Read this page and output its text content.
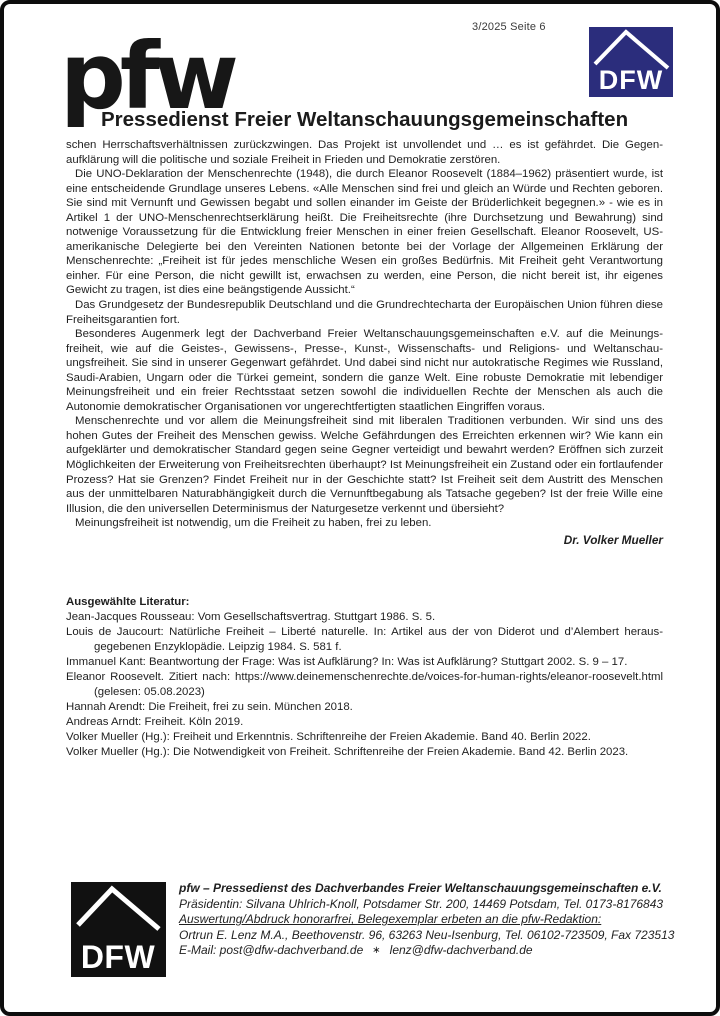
3/2025 Seite 6
pfw
Pressedienst Freier Weltanschauungsgemeinschaften
DFW

schen Herrschaftsverhältnissen zurückzwingen. Das Projekt ist unvollendet und … es ist gefährdet. Die Gegenaufklärung will die politische und soziale Freiheit in Frieden und Demokratie zerstören.

Die UNO-Deklaration der Menschenrechte (1948), die durch Eleanor Roosevelt (1884–1962) präsentiert wurde, ist eine entscheidende Grundlage unseres Lebens. «Alle Menschen sind frei und gleich an Würde und Rechten geboren. Sie sind mit Vernunft und Gewissen begabt und sollen einander im Geiste der Brüderlichkeit begegnen.» - wie es in Artikel 1 der UNO-Menschenrechtserklärung heißt. Die Freiheitsrechte (ihre Durchsetzung und Bewahrung) sind notwenige Voraussetzung für die Entwicklung freier Menschen in einer freien Gesellschaft. Eleanor Roosevelt, US-amerikanische Delegierte bei den Vereinten Nationen betonte bei der Vorlage der Allgemeinen Erklärung der Menschenrechte: „Freiheit ist für jedes menschliche Wesen ein großes Bedürfnis. Mit Freiheit geht Verantwortung einher. Für eine Person, die nicht gewillt ist, erwachsen zu werden, eine Person, die nicht bereit ist, ihr eigenes Gewicht zu tragen, ist dies eine beängstigende Aussicht.“

Das Grundgesetz der Bundesrepublik Deutschland und die Grundrechtecharta der Europäischen Union führen diese Freiheitsgarantien fort.

Besonderes Augenmerk legt der Dachverband Freier Weltanschauungsgemeinschaften e.V. auf die Meinungsfreiheit, wie auf die Geistes-, Gewissens-, Presse-, Kunst-, Wissenschafts- und Religions- und Weltanschauungsfreiheit. Sie sind in unserer Gegenwart gefährdet. Und dabei sind nicht nur autokratische Regimes wie Russland, Saudi-Arabien, Ungarn oder die Türkei gemeint, sondern die ganze Welt. Eine robuste Demokratie mit lebendiger Meinungsfreiheit und ein freier Rechtsstaat setzen sowohl die individuellen Rechte der Menschen als auch die Autonomie demokratischer Organisationen vor ungerechtfertigten staatlichen Eingriffen voraus.

Menschenrechte und vor allem die Meinungsfreiheit sind mit liberalen Traditionen verbunden. Wir sind uns des hohen Gutes der Freiheit des Menschen gewiss. Welche Gefährdungen des Erreichten erkennen wir? Wie kann ein aufgeklärter und demokratischer Standard gegen seine Gegner verteidigt und bewahrt werden? Eröffnen sich zurzeit Möglichkeiten der Erweiterung von Freiheitsrechten überhaupt? Ist Meinungsfreiheit ein Zustand oder ein fortlaufender Prozess? Hat sie Grenzen? Findet Freiheit nur in der Geschichte statt? Ist Freiheit seit dem Austritt des Menschen aus der unmittelbaren Naturabhängigkeit durch die Vernunftbegabung als Tatsache gegeben? Ist der freie Wille eine Illusion, die den universellen Determinismus der Naturgesetze verkennt und übersieht?

Meinungsfreiheit ist notwendig, um die Freiheit zu haben, frei zu leben.

Dr. Volker Mueller

Ausgewählte Literatur:

Jean-Jacques Rousseau: Vom Gesellschaftsvertrag. Stuttgart 1986. S. 5.

Louis de Jaucourt: Natürliche Freiheit – Liberté naturelle. In: Artikel aus der von Diderot und d’Alembert herausgegebenen Enzyklopädie. Leipzig 1984. S. 581 f.

Immanuel Kant: Beantwortung der Frage: Was ist Aufklärung? In: Was ist Aufklärung? Stuttgart 2002. S. 9 – 17.

Eleanor Roosevelt. Zitiert nach: https://www.deinemenschenrechte.de/voices-for-human-rights/eleanor-roosevelt.html (gelesen: 05.08.2023)

Hannah Arendt: Die Freiheit, frei zu sein. München 2018.

Andreas Arndt: Freiheit. Köln 2019.

Volker Mueller (Hg.): Freiheit und Erkenntnis. Schriftenreihe der Freien Akademie. Band 40. Berlin 2022.

Volker Mueller (Hg.): Die Notwendigkeit von Freiheit. Schriftenreihe der Freien Akademie. Band 42. Berlin 2023.

DFW
pfw – Pressedienst des Dachverbandes Freier Weltanschauungsgemeinschaften e.V.
Präsidentin: Silvana Uhlrich-Knoll, Potsdamer Str. 200, 14469 Potsdam, Tel. 0173-8176843
Auswertung/Abdruck honorarfrei, Belegexemplar erbeten an die pfw-Redaktion:
Ortrun E. Lenz M.A., Beethovenstr. 96, 63263 Neu-Isenburg, Tel. 06102-723509, Fax 723513
E-Mail: post@dfw-dachverband.de ∗ lenz@dfw-dachverband.de
